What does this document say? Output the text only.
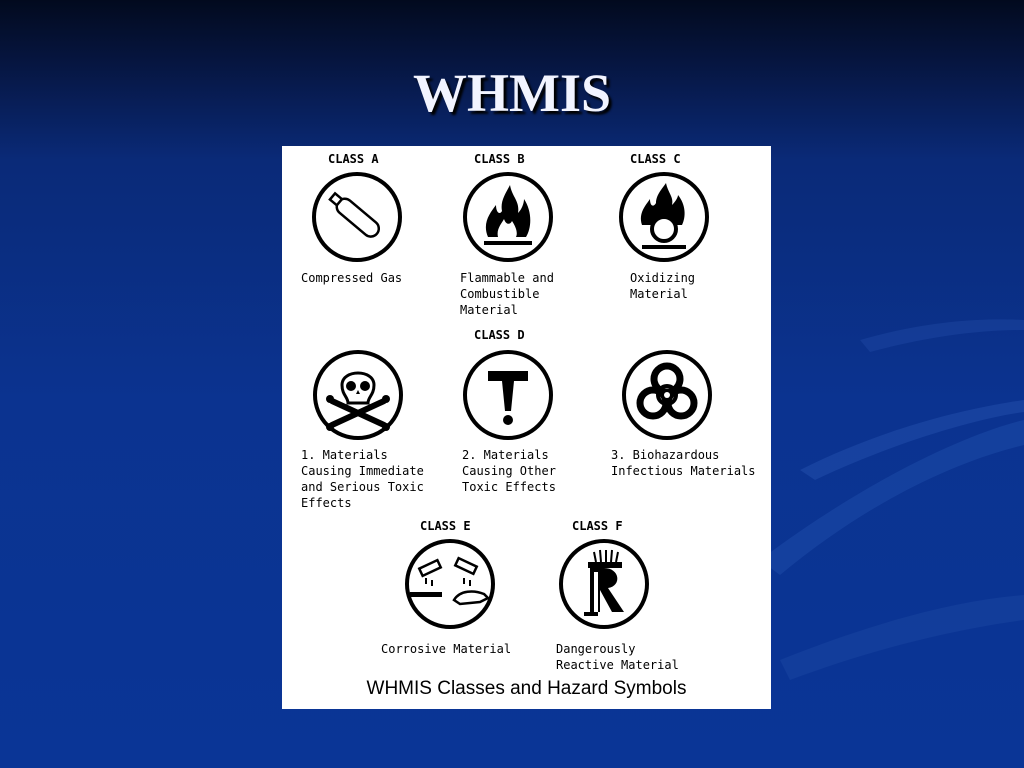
WHMIS
CLASS A
Compressed Gas
CLASS B
Flammable and
Combustible
Material
CLASS C
Oxidizing
Material
CLASS D
1. Materials
Causing Immediate
and Serious Toxic
Effects
2. Materials
Causing Other
Toxic Effects
3. Biohazardous
Infectious Materials
CLASS E
Corrosive Material
CLASS F
Dangerously
Reactive Material
WHMIS Classes and Hazard Symbols
